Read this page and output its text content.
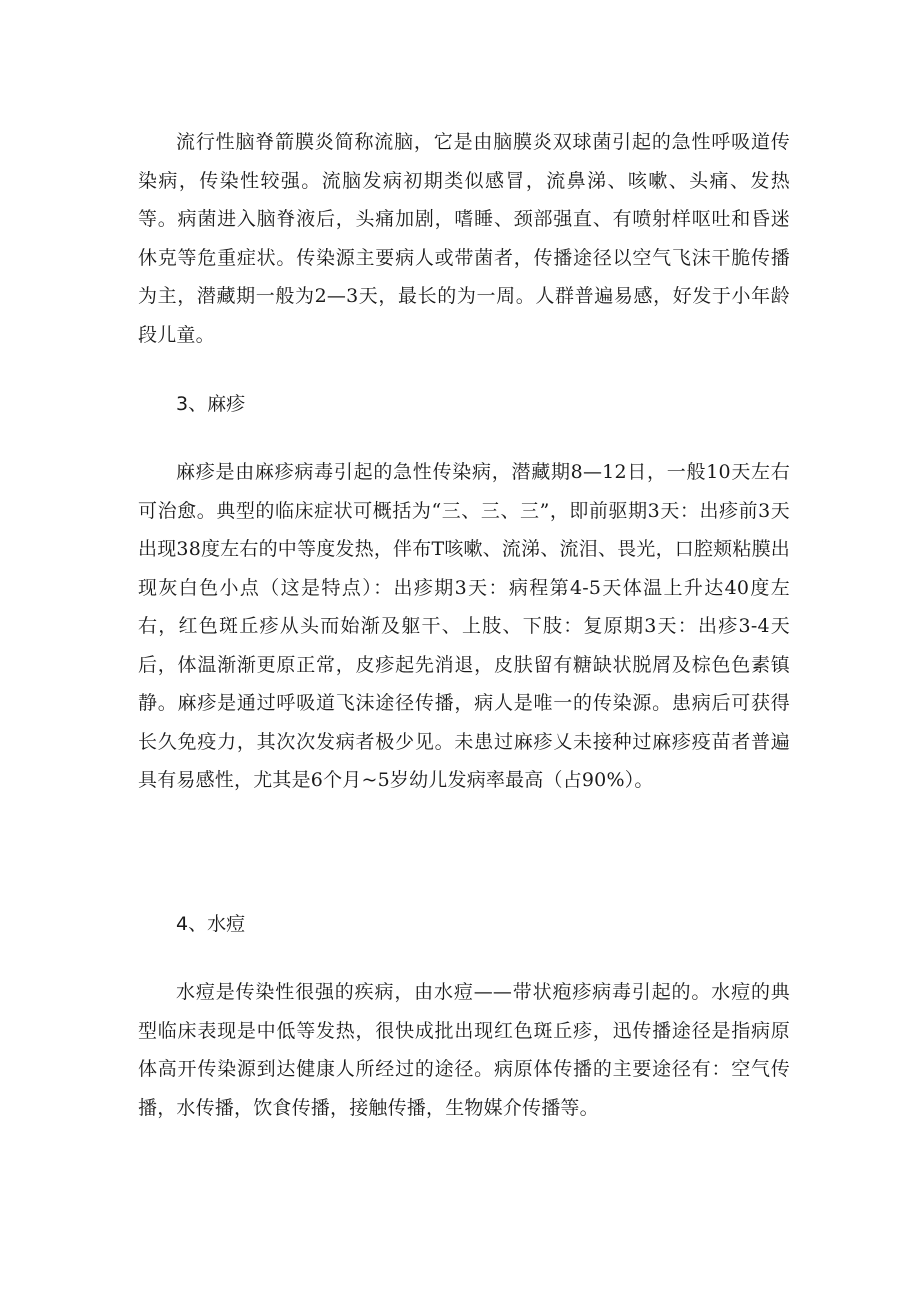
流行性脑脊箭膜炎简称流脑，它是由脑膜炎双球菌引起的急性呼吸道传染病，传染性较强。流脑发病初期类似感冒，流鼻涕、咳嗽、头痛、发热等。病菌进入脑脊液后，头痛加剧，嗜睡、颈部强直、有喷射样呕吐和昏迷休克等危重症状。传染源主要病人或带菌者，传播途径以空气飞沫干脆传播为主，潜藏期一般为2—3天，最长的为一周。人群普遍易感，好发于小年龄段儿童。

3、麻疹

麻疹是由麻疹病毒引起的急性传染病，潜藏期8—12日，一般10天左右可治愈。典型的临床症状可概括为“三、三、三”，即前驱期3天：出疹前3天出现38度左右的中等度发热，伴布T咳嗽、流涕、流泪、畏光，口腔颊粘膜出现灰白色小点（这是特点）：出疹期3天：病程第4-5天体温上升达40度左右，红色斑丘疹从头而始渐及躯干、上肢、下肢：复原期3天：出疹3-4天后，体温渐渐更原正常，皮疹起先消退，皮肤留有糖缺状脱屑及棕色色素镇静。麻疹是通过呼吸道飞沫途径传播，病人是唯一的传染源。患病后可获得长久免疫力，其次次发病者极少见。未患过麻疹乂未接种过麻疹疫苗者普遍具有易感性，尤其是6个月~5岁幼儿发病率最高（占90%）。

4、水痘

水痘是传染性很强的疾病，由水痘——带状疱疹病毒引起的。水痘的典型临床表现是中低等发热，很快成批出现红色斑丘疹，迅传播途径是指病原体高开传染源到达健康人所经过的途径。病原体传播的主要途径有：空气传播，水传播，饮食传播，接触传播，生物媒介传播等。
